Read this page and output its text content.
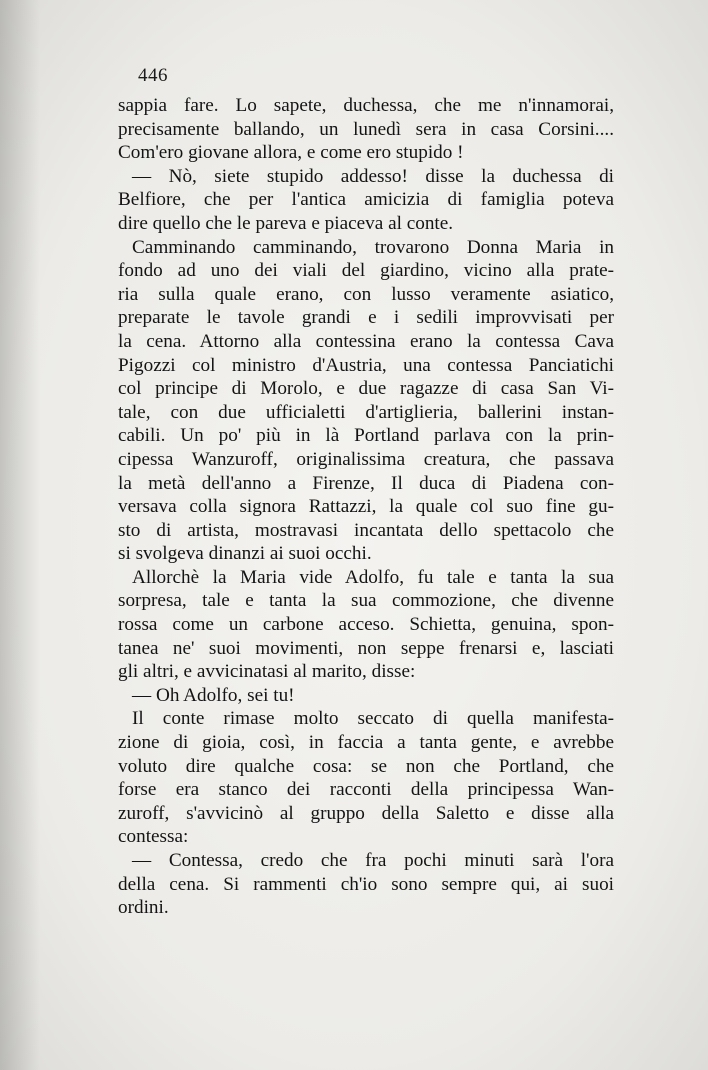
446
sappia fare. Lo sapete, duchessa, che me n'innamorai,
precisamente ballando, un lunedì sera in casa Corsini....
Com'ero giovane allora, e come ero stupido !
— Nò, siete stupido addesso! disse la duchessa di
Belfiore, che per l'antica amicizia di famiglia poteva
dire quello che le pareva e piaceva al conte.
Camminando camminando, trovarono Donna Maria in
fondo ad uno dei viali del giardino, vicino alla prate-
ria sulla quale erano, con lusso veramente asiatico,
preparate le tavole grandi e i sedili improvvisati per
la cena. Attorno alla contessina erano la contessa Cava
Pigozzi col ministro d'Austria, una contessa Panciatichi
col principe di Morolo, e due ragazze di casa San Vi-
tale, con due ufficialetti d'artiglieria, ballerini instan-
cabili. Un po' più in là Portland parlava con la prin-
cipessa Wanzuroff, originalissima creatura, che passava
la metà dell'anno a Firenze, Il duca di Piadena con-
versava colla signora Rattazzi, la quale col suo fine gu-
sto di artista, mostravasi incantata dello spettacolo che
si svolgeva dinanzi ai suoi occhi.
Allorchè la Maria vide Adolfo, fu tale e tanta la sua
sorpresa, tale e tanta la sua commozione, che divenne
rossa come un carbone acceso. Schietta, genuina, spon-
tanea ne' suoi movimenti, non seppe frenarsi e, lasciati
gli altri, e avvicinatasi al marito, disse:
— Oh Adolfo, sei tu!
Il conte rimase molto seccato di quella manifesta-
zione di gioia, così, in faccia a tanta gente, e avrebbe
voluto dire qualche cosa: se non che Portland, che
forse era stanco dei racconti della principessa Wan-
zuroff, s'avvicinò al gruppo della Saletto e disse alla
contessa:
— Contessa, credo che fra pochi minuti sarà l'ora
della cena. Si rammenti ch'io sono sempre qui, ai suoi
ordini.
